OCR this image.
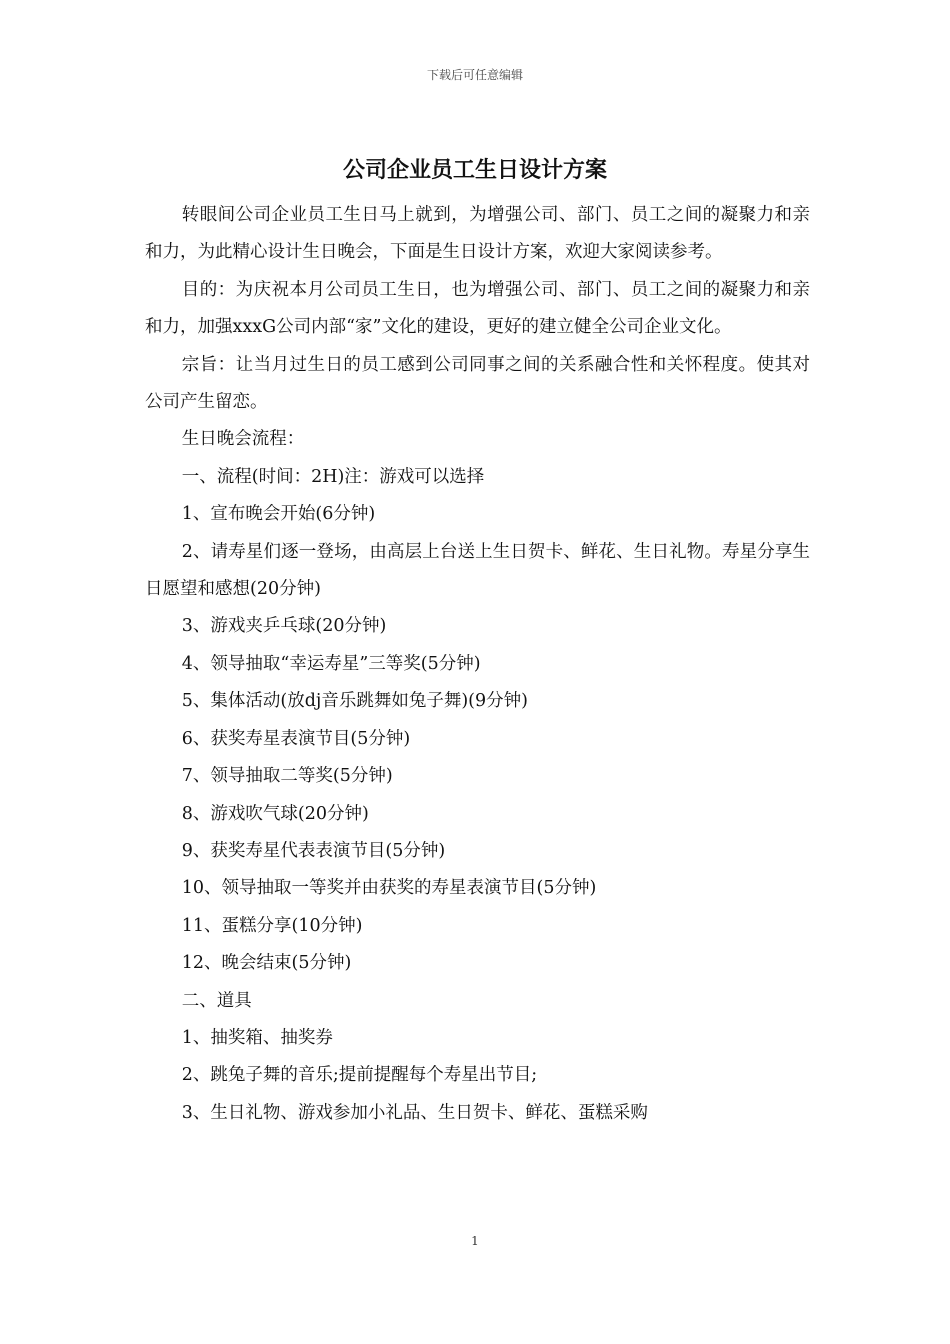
下载后可任意编辑
公司企业员工生日设计方案

转眼间公司企业员工生日马上就到，为增强公司、部门、员工之间的凝聚力和亲和力，为此精心设计生日晚会，下面是生日设计方案，欢迎大家阅读参考。

目的：为庆祝本月公司员工生日，也为增强公司、部门、员工之间的凝聚力和亲和力，加强xxxG公司内部“家”文化的建设，更好的建立健全公司企业文化。

宗旨：让当月过生日的员工感到公司同事之间的关系融合性和关怀程度。使其对公司产生留恋。

生日晚会流程：

一、流程(时间：2H)注：游戏可以选择

1、宣布晚会开始(6分钟)

2、请寿星们逐一登场，由高层上台送上生日贺卡、鲜花、生日礼物。寿星分享生日愿望和感想(20分钟)

3、游戏夹乒乓球(20分钟)

4、领导抽取“幸运寿星”三等奖(5分钟)

5、集体活动(放dj音乐跳舞如兔子舞)(9分钟)

6、获奖寿星表演节目(5分钟)

7、领导抽取二等奖(5分钟)

8、游戏吹气球(20分钟)

9、获奖寿星代表表演节目(5分钟)

10、领导抽取一等奖并由获奖的寿星表演节目(5分钟)

11、蛋糕分享(10分钟)

12、晚会结束(5分钟)

二、道具

1、抽奖箱、抽奖券

2、跳兔子舞的音乐;提前提醒每个寿星出节目;

3、生日礼物、游戏参加小礼品、生日贺卡、鲜花、蛋糕采购

1
